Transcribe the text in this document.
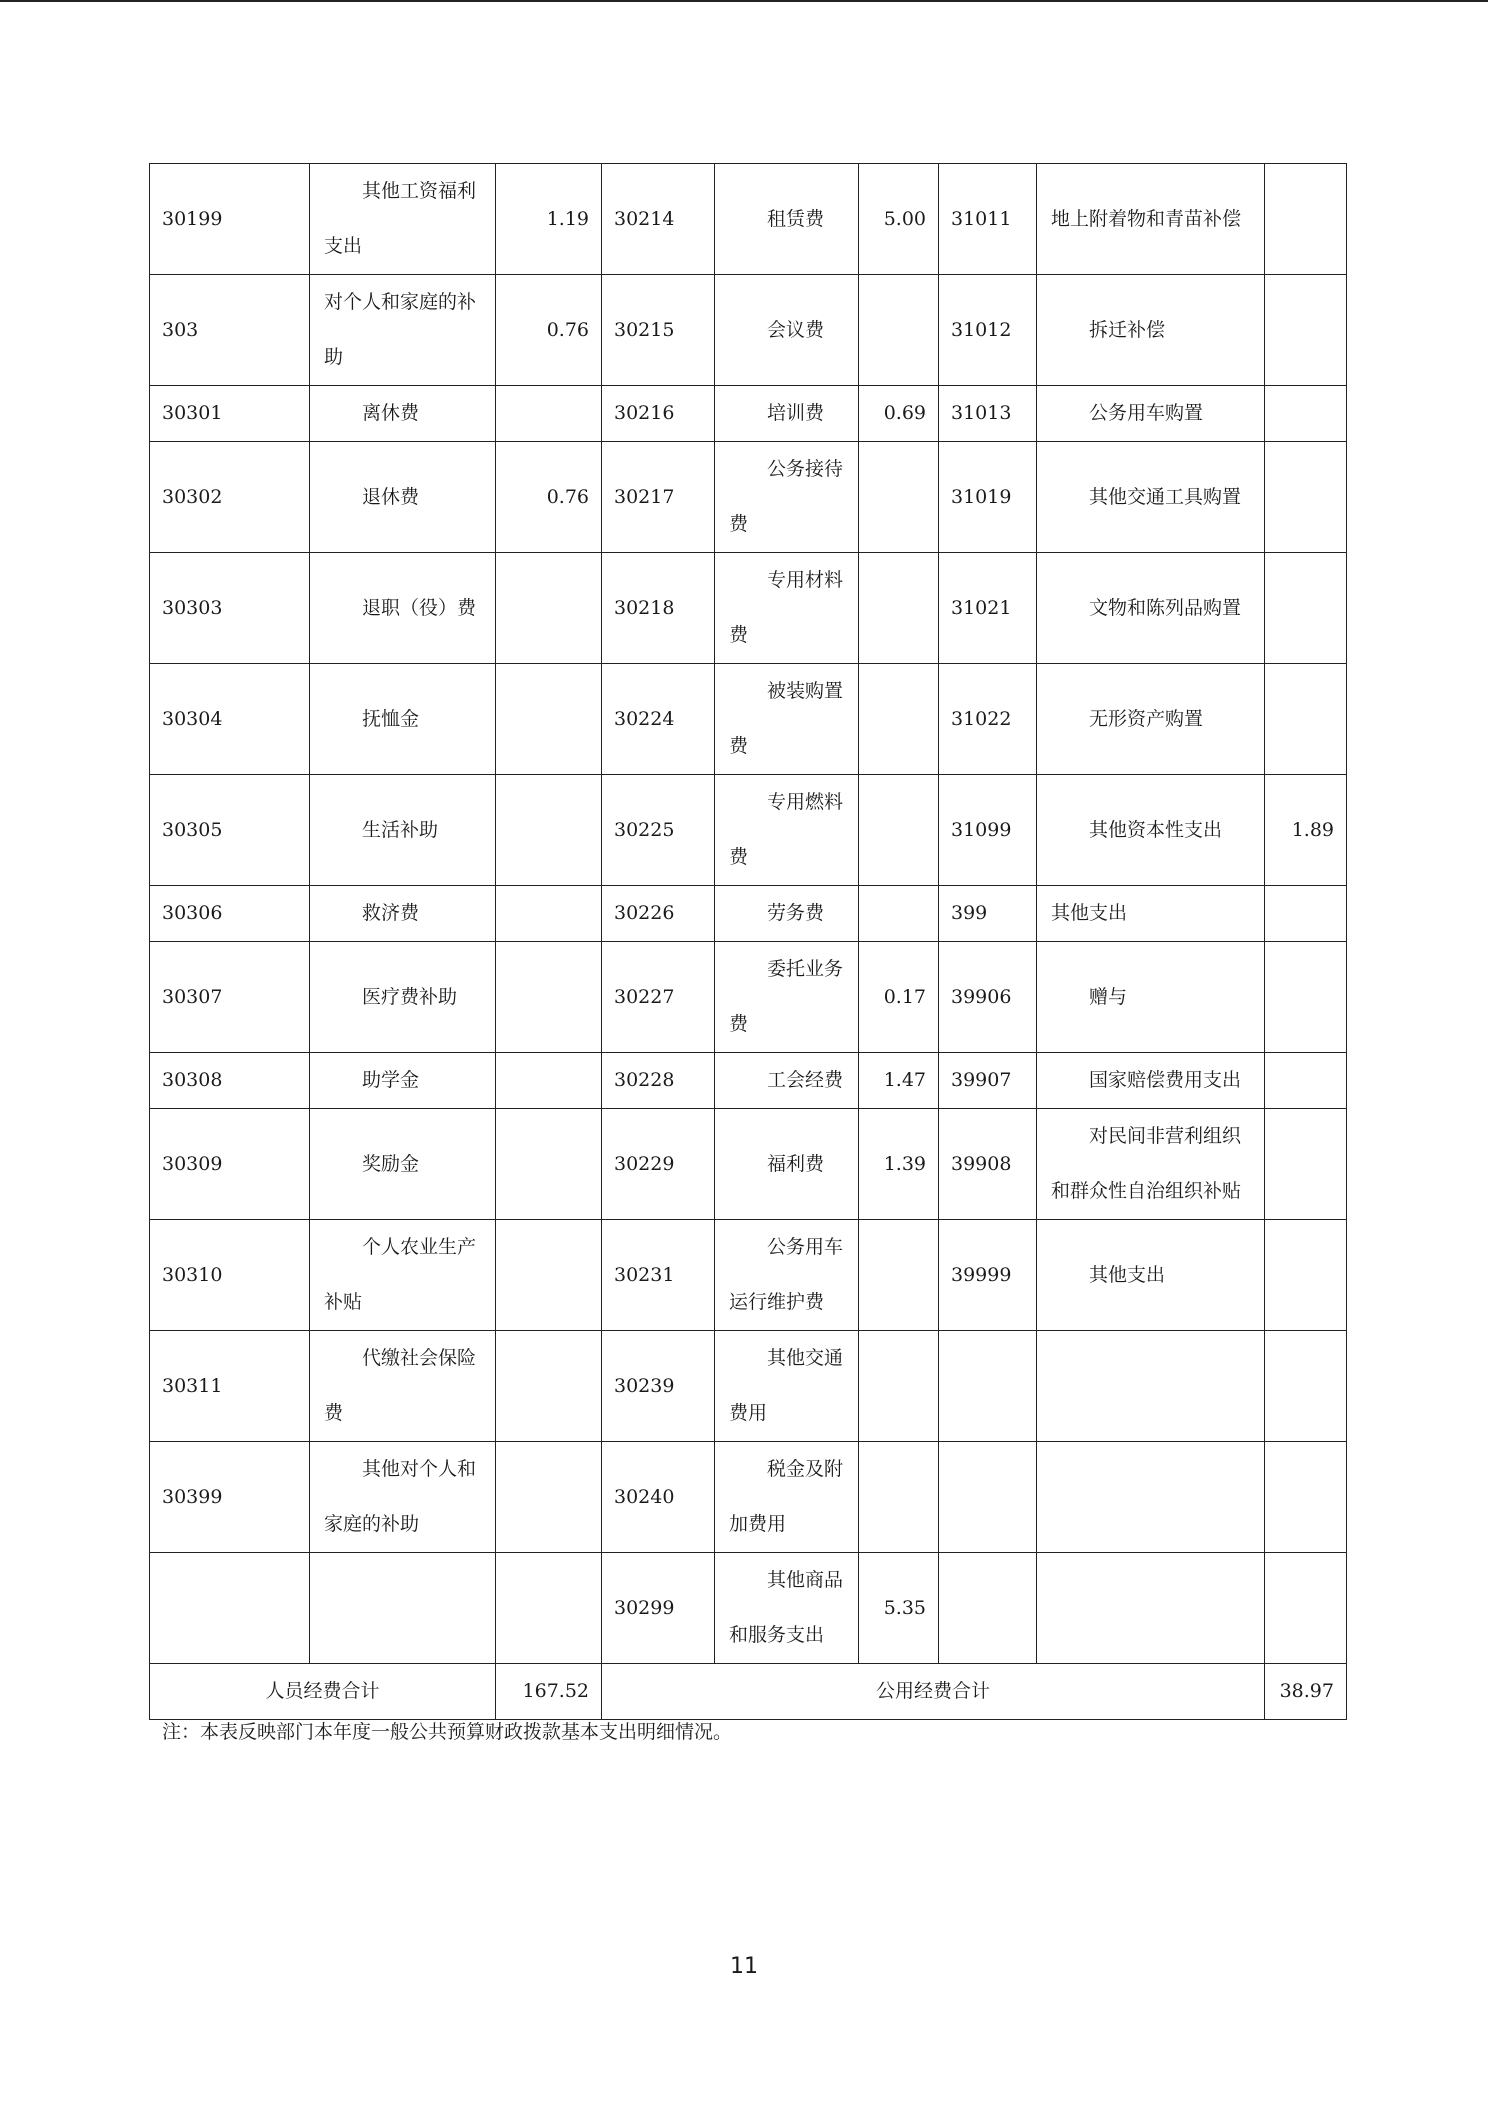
30199	其他工资福利支出	1.19	30214	租赁费	5.00	31011	地上附着物和青苗补偿	
303	对个人和家庭的补助	0.76	30215	会议费		31012	拆迁补偿	
30301	离休费		30216	培训费	0.69	31013	公务用车购置	
30302	退休费	0.76	30217	公务接待费		31019	其他交通工具购置	
30303	退职（役）费		30218	专用材料费		31021	文物和陈列品购置	
30304	抚恤金		30224	被装购置费		31022	无形资产购置	
30305	生活补助		30225	专用燃料费		31099	其他资本性支出	1.89
30306	救济费		30226	劳务费		399	其他支出	
30307	医疗费补助		30227	委托业务费	0.17	39906	赠与	
30308	助学金		30228	工会经费	1.47	39907	国家赔偿费用支出	
30309	奖励金		30229	福利费	1.39	39908	对民间非营利组织和群众性自治组织补贴	
30310	个人农业生产补贴		30231	公务用车运行维护费		39999	其他支出	
30311	代缴社会保险费		30239	其他交通费用				
30399	其他对个人和家庭的补助		30240	税金及附加费用				
			30299	其他商品和服务支出	5.35			
人员经费合计		167.52	公用经费合计					38.97
注：本表反映部门本年度一般公共预算财政拨款基本支出明细情况。
11
